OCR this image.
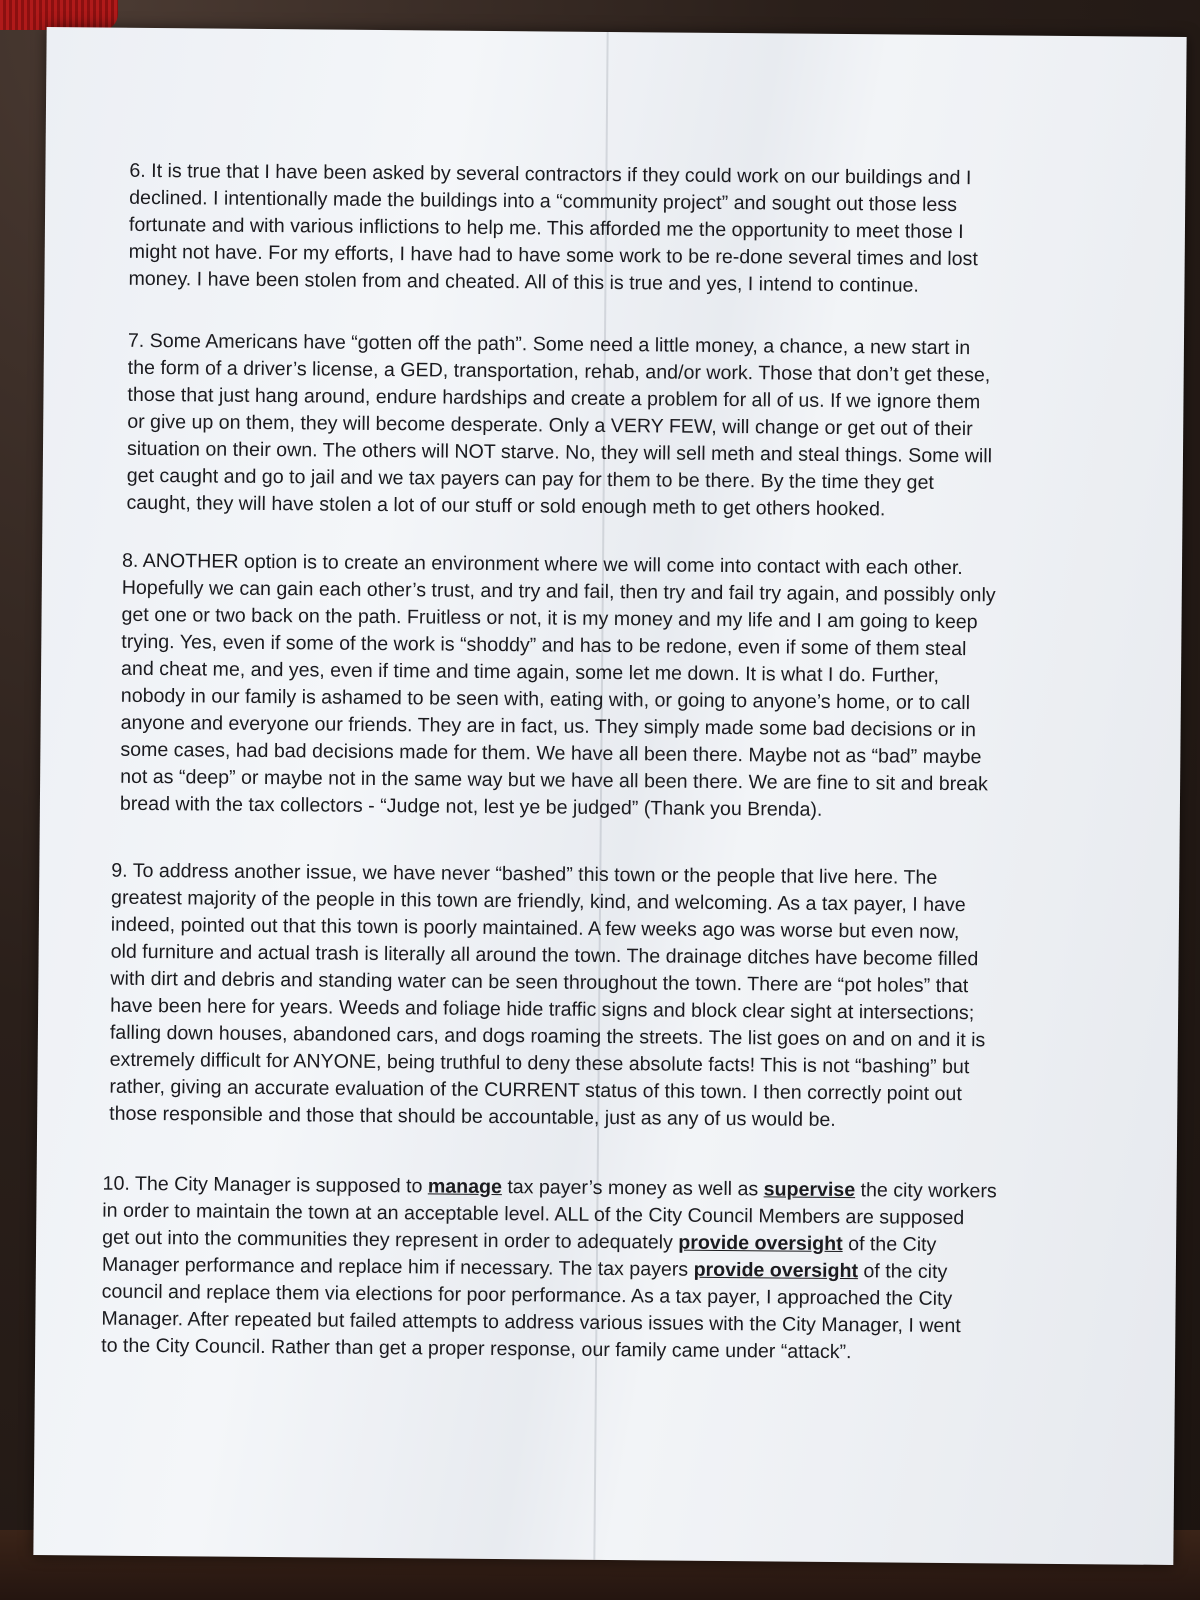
6. It is true that I have been asked by several contractors if they could work on our buildings and I
declined. I intentionally made the buildings into a “community project” and sought out those less
fortunate and with various inflictions to help me. This afforded me the opportunity to meet those I
might not have. For my efforts, I have had to have some work to be re-done several times and lost
money. I have been stolen from and cheated. All of this is true and yes, I intend to continue.

7. Some Americans have “gotten off the path”. Some need a little money, a chance, a new start in
the form of a driver’s license, a GED, transportation, rehab, and/or work. Those that don’t get these,
those that just hang around, endure hardships and create a problem for all of us. If we ignore them
or give up on them, they will become desperate. Only a VERY FEW, will change or get out of their
situation on their own. The others will NOT starve. No, they will sell meth and steal things. Some will
get caught and go to jail and we tax payers can pay for them to be there. By the time they get
caught, they will have stolen a lot of our stuff or sold enough meth to get others hooked.

8. ANOTHER option is to create an environment where we will come into contact with each other.
Hopefully we can gain each other’s trust, and try and fail, then try and fail try again, and possibly only
get one or two back on the path. Fruitless or not, it is my money and my life and I am going to keep
trying. Yes, even if some of the work is “shoddy” and has to be redone, even if some of them steal
and cheat me, and yes, even if time and time again, some let me down. It is what I do. Further,
nobody in our family is ashamed to be seen with, eating with, or going to anyone’s home, or to call
anyone and everyone our friends. They are in fact, us. They simply made some bad decisions or in
some cases, had bad decisions made for them. We have all been there. Maybe not as “bad” maybe
not as “deep” or maybe not in the same way but we have all been there. We are fine to sit and break
bread with the tax collectors - “Judge not, lest ye be judged” (Thank you Brenda).

9. To address another issue, we have never “bashed” this town or the people that live here. The
greatest majority of the people in this town are friendly, kind, and welcoming. As a tax payer, I have
indeed, pointed out that this town is poorly maintained. A few weeks ago was worse but even now,
old furniture and actual trash is literally all around the town. The drainage ditches have become filled
with dirt and debris and standing water can be seen throughout the town. There are “pot holes” that
have been here for years. Weeds and foliage hide traffic signs and block clear sight at intersections;
falling down houses, abandoned cars, and dogs roaming the streets. The list goes on and on and it is
extremely difficult for ANYONE, being truthful to deny these absolute facts! This is not “bashing” but
rather, giving an accurate evaluation of the CURRENT status of this town. I then correctly point out
those responsible and those that should be accountable, just as any of us would be.

10. The City Manager is supposed to manage tax payer’s money as well as supervise the city workers
in order to maintain the town at an acceptable level. ALL of the City Council Members are supposed
get out into the communities they represent in order to adequately provide oversight of the City
Manager performance and replace him if necessary. The tax payers provide oversight of the city
council and replace them via elections for poor performance. As a tax payer, I approached the City
Manager. After repeated but failed attempts to address various issues with the City Manager, I went
to the City Council. Rather than get a proper response, our family came under “attack”.
